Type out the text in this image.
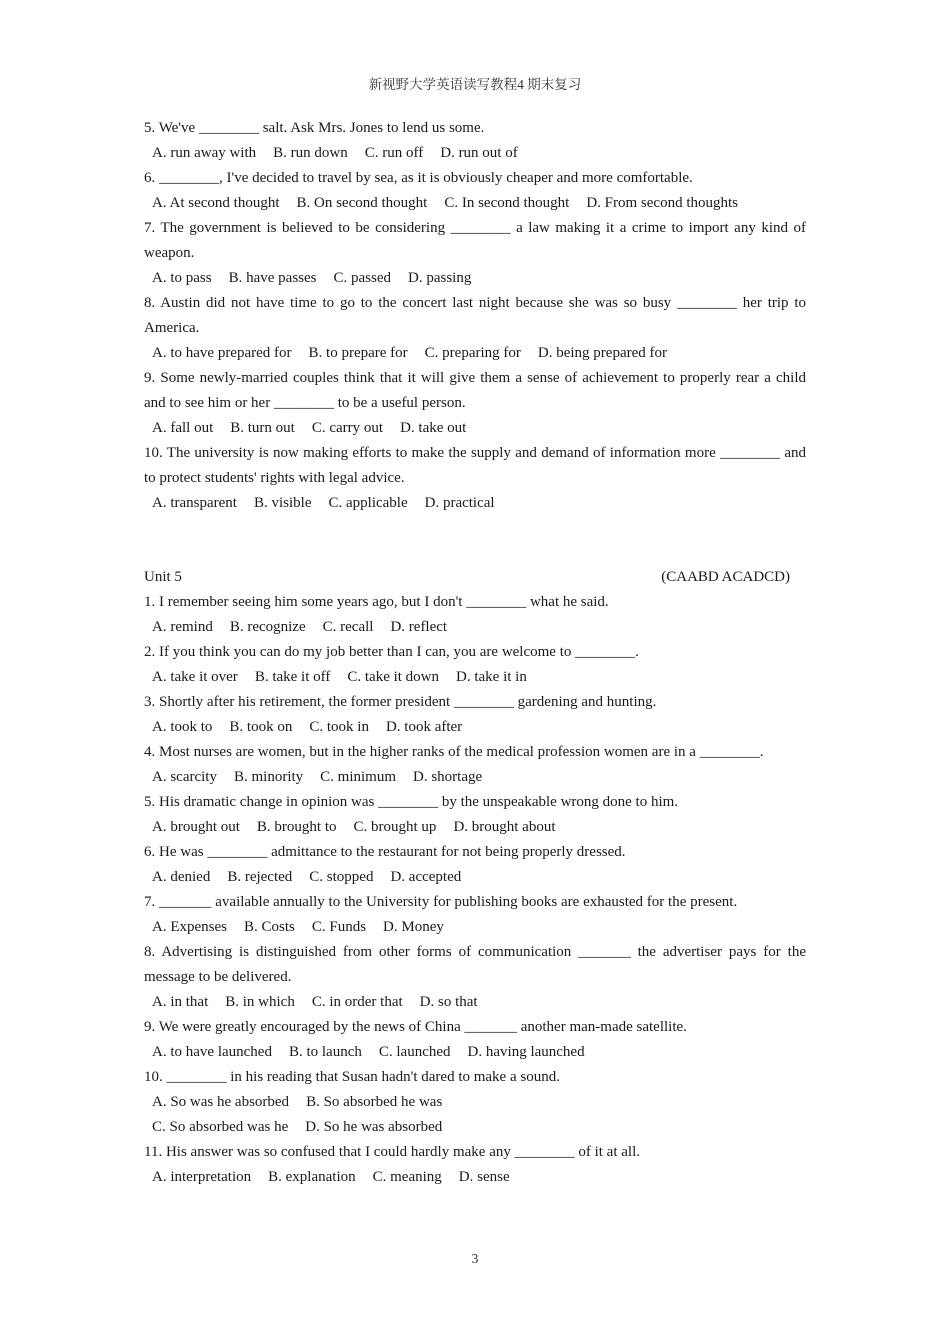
新视野大学英语读写教程4 期末复习
5. We've ________ salt. Ask Mrs. Jones to lend us some.
A. run away with B. run down C. run off D. run out of
6. ________, I've decided to travel by sea, as it is obviously cheaper and more comfortable.
A. At second thought B. On second thought C. In second thought D. From second thoughts
7. The government is believed to be considering ________ a law making it a crime to import any kind of weapon.
A. to pass B. have passes C. passed D. passing
8. Austin did not have time to go to the concert last night because she was so busy ________ her trip to America.
A. to have prepared for B. to prepare for C. preparing for D. being prepared for
9. Some newly-married couples think that it will give them a sense of achievement to properly rear a child and to see him or her ________ to be a useful person.
A. fall out B. turn out C. carry out D. take out
10. The university is now making efforts to make the supply and demand of information more ________ and to protect students' rights with legal advice.
A. transparent B. visible C. applicable D. practical
Unit 5	(CAABD ACADCD)
1. I remember seeing him some years ago, but I don't ________ what he said.
A. remind B. recognize C. recall D. reflect
2. If you think you can do my job better than I can, you are welcome to ________.
A. take it over B. take it off C. take it down D. take it in
3. Shortly after his retirement, the former president ________ gardening and hunting.
A. took to B. took on C. took in D. took after
4. Most nurses are women, but in the higher ranks of the medical profession women are in a ________.
A. scarcity B. minority C. minimum D. shortage
5. His dramatic change in opinion was ________ by the unspeakable wrong done to him.
A. brought out B. brought to C. brought up D. brought about
6. He was ________ admittance to the restaurant for not being properly dressed.
A. denied B. rejected C. stopped D. accepted
7. _______ available annually to the University for publishing books are exhausted for the present.
A. Expenses B. Costs C. Funds D. Money
8. Advertising is distinguished from other forms of communication _______ the advertiser pays for the message to be delivered.
A. in that B. in which C. in order that D. so that
9. We were greatly encouraged by the news of China _______ another man-made satellite.
A. to have launched B. to launch C. launched D. having launched
10. ________ in his reading that Susan hadn't dared to make a sound.
A. So was he absorbed B. So absorbed he was
C. So absorbed was he D. So he was absorbed
11. His answer was so confused that I could hardly make any ________ of it at all.
A. interpretation B. explanation C. meaning D. sense
3
